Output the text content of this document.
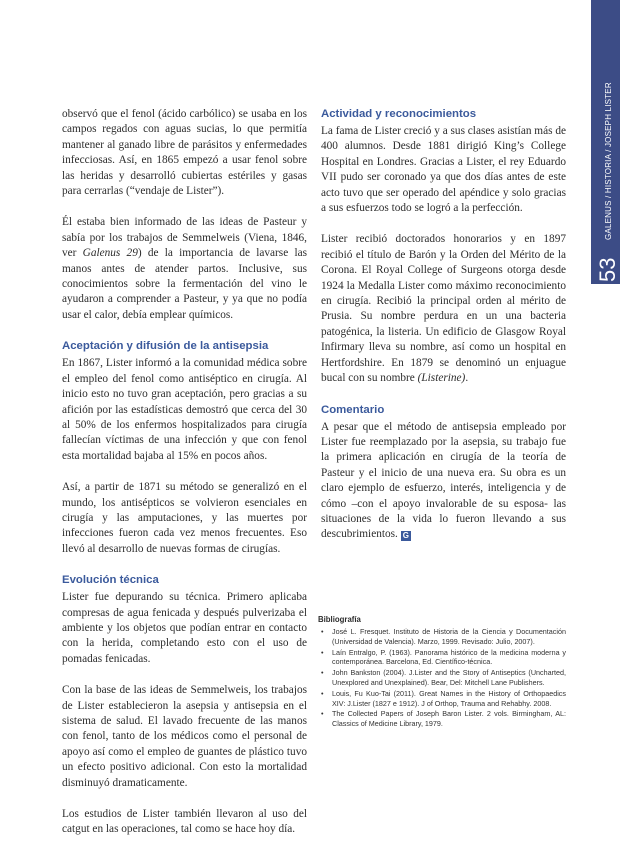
GALENUS / HISTORIA / JOSEPH LISTER
53

observó que el fenol (ácido carbólico) se usaba en los campos regados con aguas sucias, lo que permitía mantener al ganado libre de parásitos y enfermedades infecciosas. Así, en 1865 empezó a usar fenol sobre las heridas y desarrolló cubiertas estériles y gasas para cerrarlas (“vendaje de Lister”).

Él estaba bien informado de las ideas de Pasteur y sabía por los trabajos de Semmelweis (Viena, 1846, ver Galenus 29) de la importancia de lavarse las manos antes de atender partos. Inclusive, sus conocimientos sobre la fermentación del vino le ayudaron a comprender a Pasteur, y ya que no podía usar el calor, debía emplear químicos.

Aceptación y difusión de la antisepsia

En 1867, Lister informó a la comunidad médica sobre el empleo del fenol como antiséptico en cirugía. Al inicio esto no tuvo gran aceptación, pero gracias a su afición por las estadísticas demostró que cerca del 30 al 50% de los enfermos hospitalizados para cirugía fallecían víctimas de una infección y que con fenol esta mortalidad bajaba al 15% en pocos años.

Así, a partir de 1871 su método se generalizó en el mundo, los antisépticos se volvieron esenciales en cirugía y las amputaciones, y las muertes por infecciones fueron cada vez menos frecuentes. Eso llevó al desarrollo de nuevas formas de cirugías.

Evolución técnica

Lister fue depurando su técnica. Primero aplicaba compresas de agua fenicada y después pulverizaba el ambiente y los objetos que podían entrar en contacto con la herida, completando esto con el uso de pomadas fenicadas.

Con la base de las ideas de Semmelweis, los trabajos de Lister establecieron la asepsia y antisepsia en el sistema de salud. El lavado frecuente de las manos con fenol, tanto de los médicos como el personal de apoyo así como el empleo de guantes de plástico tuvo un efecto positivo adicional. Con esto la mortalidad disminuyó dramaticamente.

Los estudios de Lister también llevaron al uso del catgut en las operaciones, tal como se hace hoy día.

Actividad y reconocimientos

La fama de Lister creció y a sus clases asistían más de 400 alumnos. Desde 1881 dirigió King’s College Hospital en Londres. Gracias a Lister, el rey Eduardo VII pudo ser coronado ya que dos días antes de este acto tuvo que ser operado del apéndice y solo gracias a sus esfuerzos todo se logró a la perfección.

Lister recibió doctorados honorarios y en 1897 recibió el título de Barón y la Orden del Mérito de la Corona. El Royal College of Surgeons otorga desde 1924 la Medalla Lister como máximo reconocimiento en cirugía. Recibió la principal orden al mérito de Prusia. Su nombre perdura en un una bacteria patogénica, la listeria. Un edificio de Glasgow Royal Infirmary lleva su nombre, así como un hospital en Hertfordshire. En 1879 se denominó un enjuague bucal con su nombre (Listerine).

Comentario

A pesar que el método de antisepsia empleado por Lister fue reemplazado por la asepsia, su trabajo fue la primera aplicación en cirugía de la teoría de Pasteur y el inicio de una nueva era. Su obra es un claro ejemplo de esfuerzo, interés, inteligencia y de cómo –con el apoyo invalorable de su esposa- las situaciones de la vida lo fueron llevando a sus descubrimientos. G

Bibliografía
• José L. Fresquet. Instituto de Historia de la Ciencia y Documentación (Universidad de Valencia). Marzo, 1999. Revisado: Julio, 2007).
• Laín Entralgo, P. (1963). Panorama histórico de la medicina moderna y contemporánea. Barcelona, Ed. Científico-técnica.
• John Bankston (2004). J.Lister and the Story of Antiseptics (Uncharted, Unexplored and Unexplained). Bear, Del: Mitchell Lane Publishers.
• Louis, Fu Kuo-Tai (2011). Great Names in the History of Orthopaedics XIV: J.Lister (1827 e 1912). J of Orthop, Trauma and Rehabhy. 2008.
• The Collected Papers of Joseph Baron Lister. 2 vols. Birmingham, AL: Classics of Medicine Library, 1979.
